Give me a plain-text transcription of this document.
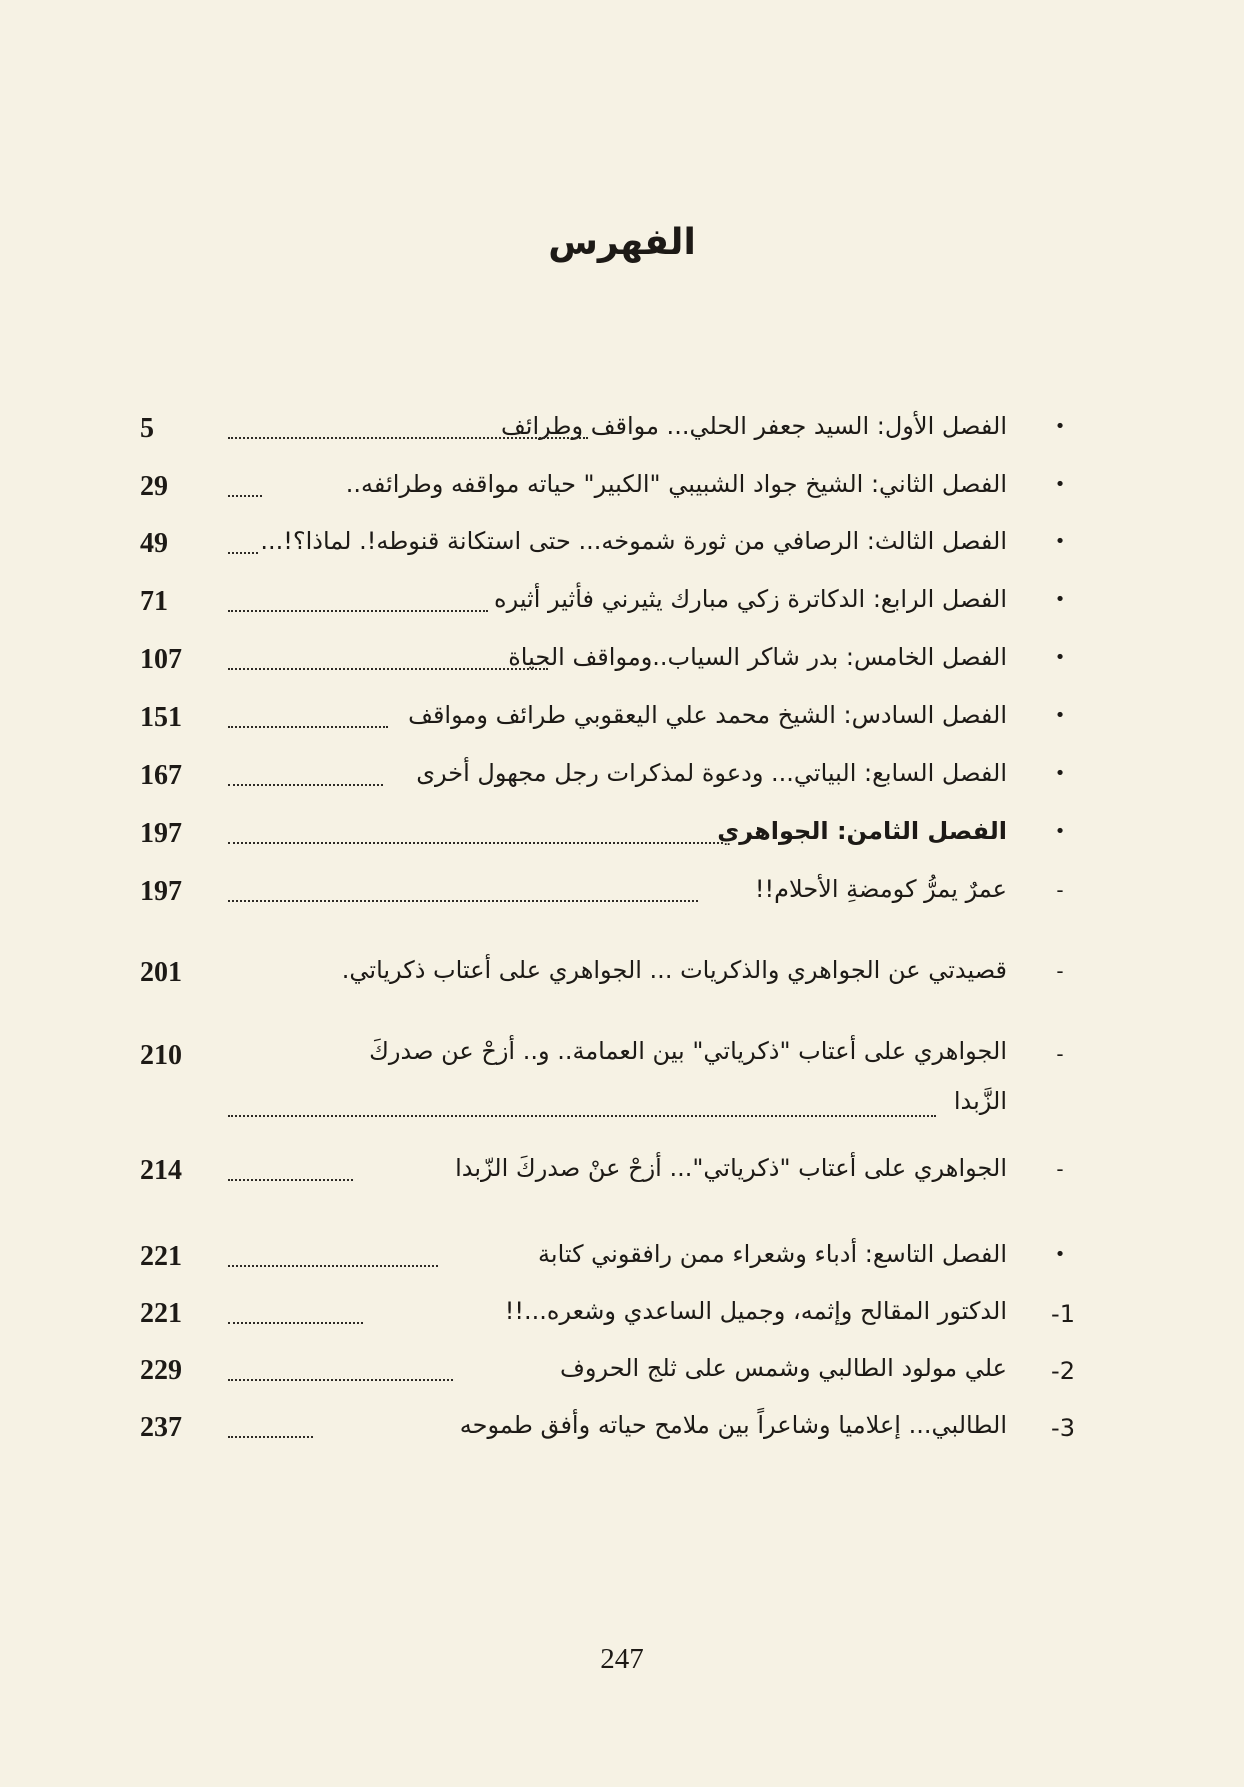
الفهرس
•
الفصل الأول: السيد جعفر الحلي... مواقف وطرائف
5
•
الفصل الثاني: الشيخ جواد الشبيبي "الكبير" حياته مواقفه وطرائفه..
29
•
الفصل الثالث: الرصافي من ثورة شموخه... حتى استكانة قنوطه!. لماذا؟!...
49
•
الفصل الرابع: الدكاترة زكي مبارك يثيرني فأثير أثيره
71
•
الفصل الخامس: بدر شاكر السياب..ومواقف الحياة
107
•
الفصل السادس: الشيخ محمد علي اليعقوبي طرائف ومواقف
151
•
الفصل السابع: البياتي... ودعوة لمذكرات رجل مجهول أخرى
167
•
الفصل الثامن: الجواهري
197
-
عمرٌ يمرُّ كومضةِ الأحلام!!
197
-
قصيدتي عن الجواهري والذكريات ... الجواهري على أعتاب ذكرياتي.
201
-
الجواهري على أعتاب "ذكرياتي" بين العمامة.. و.. أزحْ عن صدركَ
الزَّبدا
210
-
الجواهري على أعتاب "ذكرياتي"... أزحْ عنْ صدركَ الزّبدا
214
•
الفصل التاسع: أدباء وشعراء ممن رافقوني كتابة
221
1-
الدكتور المقالح وإثمه، وجميل الساعدي وشعره...!!
221
2-
علي مولود الطالبي وشمس على ثلج الحروف
229
3-
الطالبي... إعلاميا وشاعراً بين ملامح حياته وأفق طموحه
237
247
